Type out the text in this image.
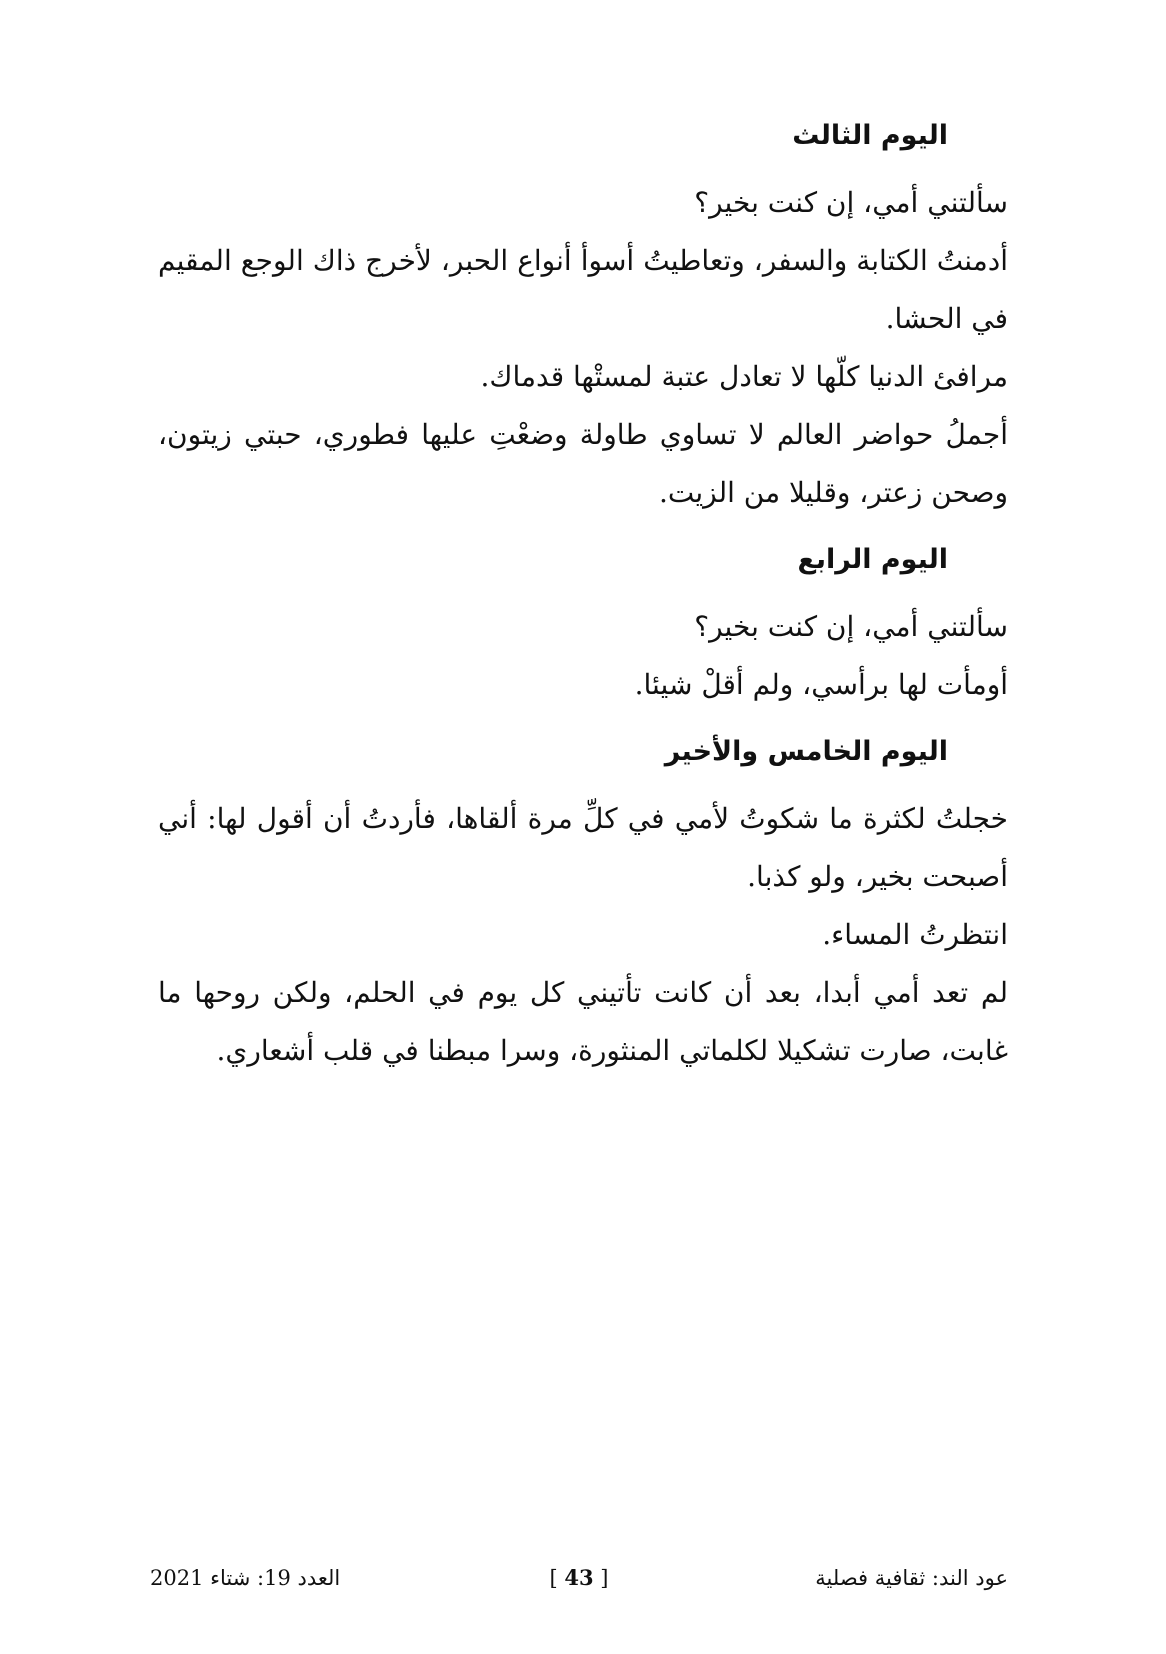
اليوم الثالث
سألتني أمي، إن كنت بخير؟
أدمنتُ الكتابة والسفر، وتعاطيتُ أسوأ أنواع الحبر، لأخرج ذاك الوجع المقيم في الحشا.
مرافئ الدنيا كلّها لا تعادل عتبة لمستْها قدماك.
أجملُ حواضر العالم لا تساوي طاولة وضعْتِ عليها فطوري، حبتي زيتون، وصحن زعتر، وقليلا من الزيت.
اليوم الرابع
سألتني أمي، إن كنت بخير؟
أومأت لها برأسي، ولم أقلْ شيئا.
اليوم الخامس والأخير
خجلتُ لكثرة ما شكوتُ لأمي في كلِّ مرة ألقاها، فأردتُ أن أقول لها: أني أصبحت بخير، ولو كذبا.
انتظرتُ المساء.
لم تعد أمي أبدا، بعد أن كانت تأتيني كل يوم في الحلم، ولكن روحها ما غابت، صارت تشكيلا لكلماتي المنثورة، وسرا مبطنا في قلب أشعاري.
عود الند: ثقافية فصلية
[ 43 ]
العدد 19: شتاء 2021
